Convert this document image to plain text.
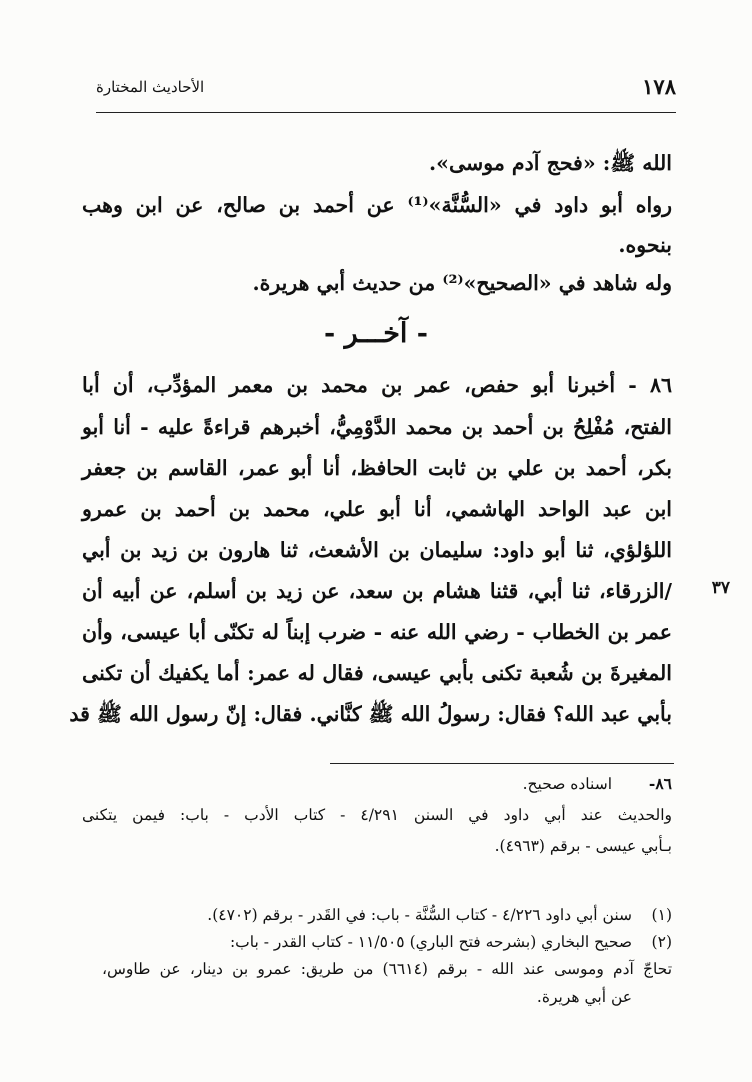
١٧٨
الأحاديث المختارة
الله ﷺ: «فحج آدم موسى».
رواه أبو داود في «السُّنَّة»⁽¹⁾ عن أحمد بن صالح، عن ابن وهب
بنحوه.
وله شاهد في «الصحيح»⁽²⁾ من حديث أبي هريرة.
- آخـــر -
٨٦ - أخبرنا أبو حفص، عمر بن محمد بن معمر المؤدِّب، أن أبا
الفتح، مُفْلِحُ بن أحمد بن محمد الدَّوْمِيُّ، أخبرهم قراءةً عليه - أنا أبو
بكر، أحمد بن علي بن ثابت الحافظ، أنا أبو عمر، القاسم بن جعفر
ابن عبد الواحد الهاشمي، أنا أبو علي، محمد بن أحمد بن عمرو
اللؤلؤي، ثنا أبو داود: سليمان بن الأشعث، ثنا هارون بن زيد بن أبي
/الزرقاء، ثنا أبي، قثنا هشام بن سعد، عن زيد بن أسلم، عن أبيه أن
عمر بن الخطاب - رضي الله عنه - ضرب إبناً له تكنّى أبا عيسى، وأن
المغيرةَ بن شُعبة تكنى بأبي عيسى، فقال له عمر: أما يكفيك أن تكنى
بأبي عبد الله؟ فقال: رسولُ الله ﷺ كنَّاني. فقال: إنّ رسول الله ﷺ قد
٣٧
٨٦-
اسناده صحيح.
والحديث عند أبي داود في السنن ٤/٢٩١ - كتاب الأدب - باب: فيمن يتكنى
بـأبي عيسى - برقم (٤٩٦٣).
(١)
سنن أبي داود ٤/٢٢٦ - كتاب السُّنَّة - باب: في القَدر - برقم (٤٧٠٢).
(٢)
صحيح البخاري (بشرحه فتح الباري) ١١/٥٠٥ - كتاب القدر - باب:
تحاجّ آدم وموسى عند الله - برقم (٦٦١٤) من طريق: عمرو بن دينار، عن طاوس،
عن أبي هريرة.
